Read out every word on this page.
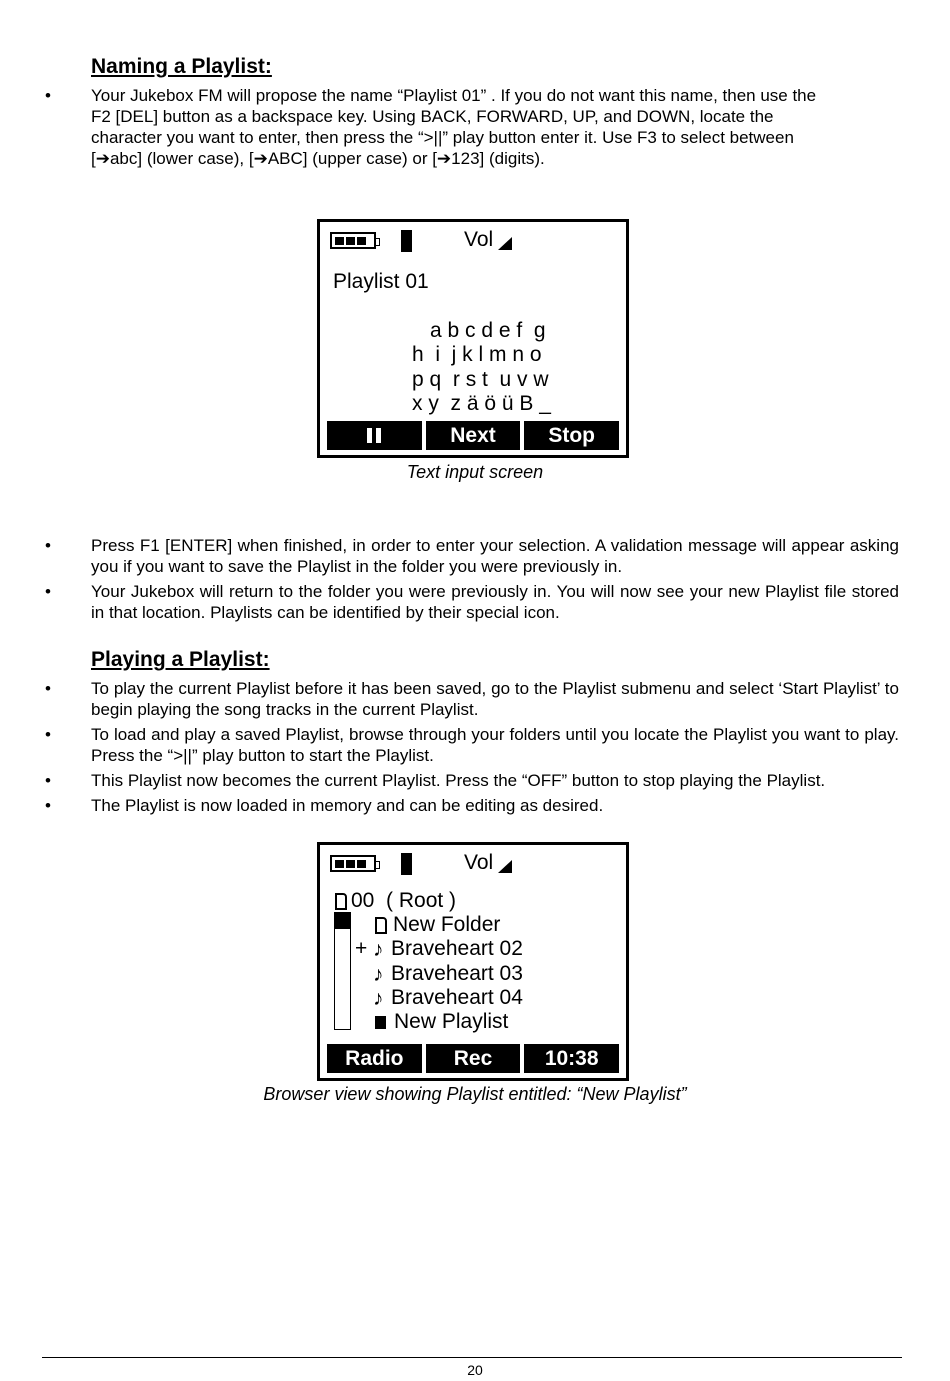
Naming a Playlist:
• Your Jukebox FM will propose the name “Playlist 01” . If you do not want this name, then use the
F2 [DEL] button as a backspace key. Using BACK, FORWARD, UP, and DOWN, locate the
character you want to enter, then press the “>||” play button enter it. Use F3 to select between
[➔abc] (lower case), [➔ABC] (upper case) or [➔123] (digits).
Vol
Playlist 01
a b c d e f  g
h  i  j k l m n o
p q  r s t  u v w
x y  z ä ö ü B _
Next	Stop
Text input screen
• Press F1 [ENTER] when finished, in order to enter your selection. A validation message will appear asking you if you want to save the Playlist in the folder you were previously in.
• Your Jukebox will return to the folder you were previously in. You will now see your new Playlist file stored in that location. Playlists can be identified by their special icon.
Playing a Playlist:
• To play the current Playlist before it has been saved, go to the Playlist submenu and select ‘Start Playlist’ to begin playing the song tracks in the current Playlist.
• To load and play a saved Playlist, browse through your folders until you locate the Playlist you want to play. Press the “>||” play button to start the Playlist.
• This Playlist now becomes the current Playlist. Press the “OFF” button to stop playing the Playlist.
• The Playlist is now loaded in memory and can be editing as desired.
Vol
00  ( Root )
New Folder
+ ♪ Braveheart 02
♪ Braveheart 03
♪ Braveheart 04
New Playlist
Radio	Rec	10:38
Browser view showing Playlist entitled: “New Playlist”
20
